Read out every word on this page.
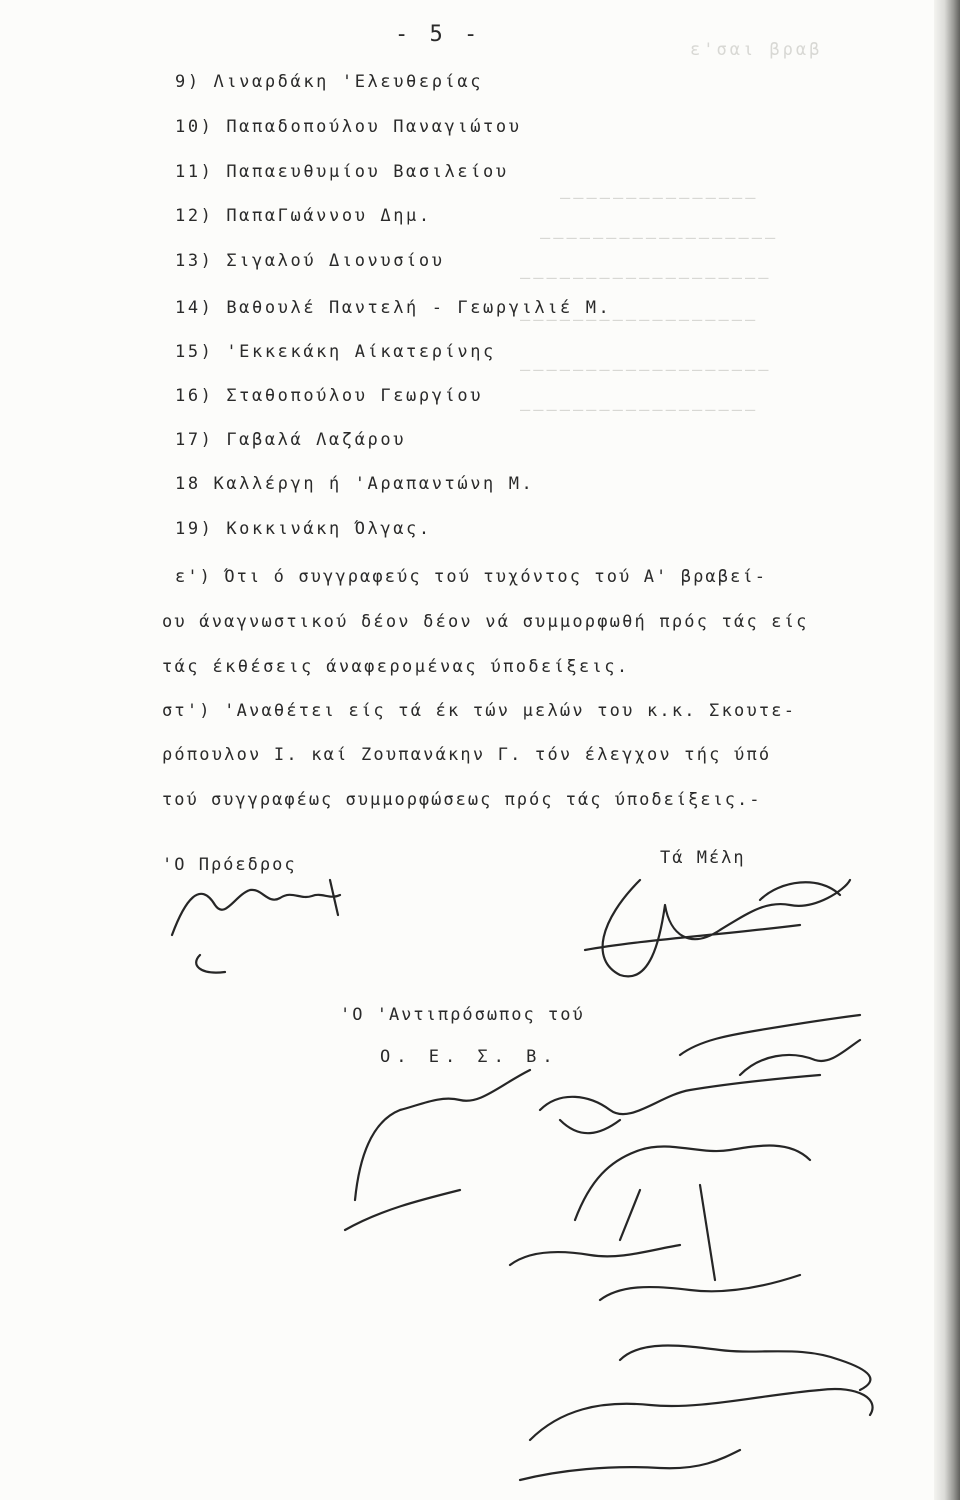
ε'σαι βραβ
―――――――――――――――
――――――――――――――――――
―――――――――――――――――――
――――――――――――――――――
―――――――――――――――――――
――――――――――――――――――
- 5 -
9) Λιναρδάκη 'Ελευθερίας
10) Παπαδοπούλου Παναγιώτου
11) Παπαευθυμίου Βασιλείου
12) ΠαπαΓωάννου Δημ.
13) Σιγαλού Διονυσίου
14) Βαθουλέ Παντελή - Γεωργιλιέ Μ.
15) 'Εκκεκάκη Αίκατερίνης
16) Σταθοπούλου Γεωργίου
17) Γαβαλά Λαζάρου
18 Καλλέργη ή 'Αραπαντώνη Μ.
19) Κοκκινάκη Όλγας.
ε') Ότι ό συγγραφεύς τού τυχόντος τού Α' βραβεί-
ου άναγνωστικού δέον δέον νά συμμορφωθή πρός τάς είς
τάς έκθέσεις άναφερομένας ύποδείξεις.
στ') 'Αναθέτει είς τά έκ τών μελών του κ.κ. Σκουτε-
ρόπουλον Ι. καί Ζουπανάκην Γ. τόν έλεγχον τής ύπό
τού συγγραφέως συμμορφώσεως πρός τάς ύποδείξεις.-
'Ο Πρόεδρος	Τά Μέλη
'Ο 'Αντιπρόσωπος τού
Ο. Ε. Σ. Β.
